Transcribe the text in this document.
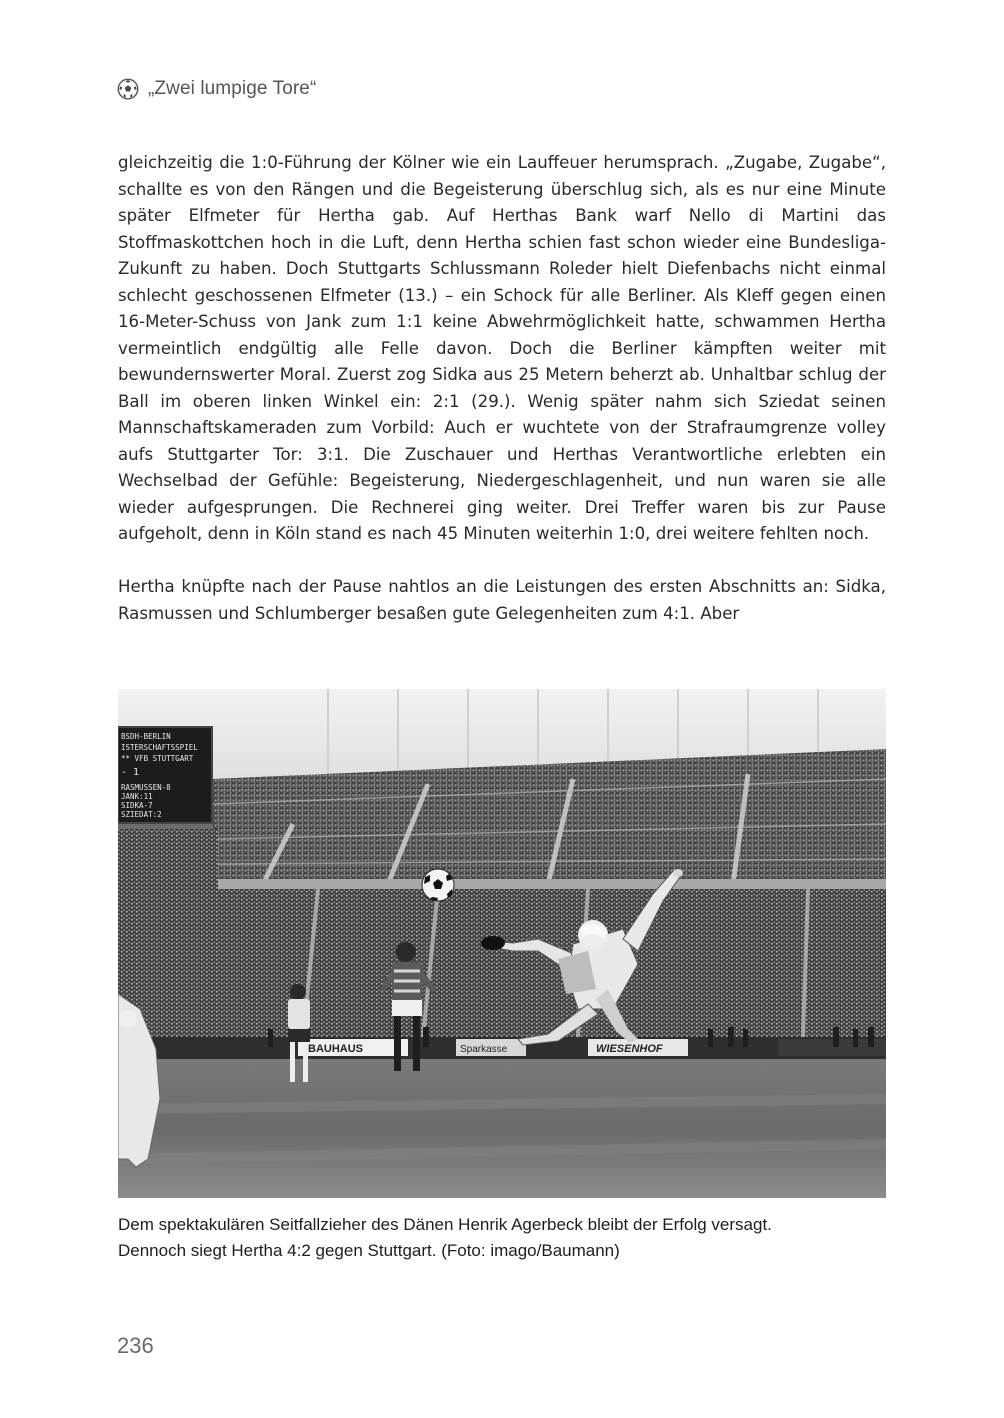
„Zwei lumpige Tore“

gleichzeitig die 1:0-Führung der Kölner wie ein Lauffeuer herumsprach. „Zugabe, Zugabe“, schallte es von den Rängen und die Begeisterung überschlug sich, als es nur eine Minute später Elfmeter für Hertha gab. Auf Herthas Bank warf Nello di Martini das Stoffmaskottchen hoch in die Luft, denn Hertha schien fast schon wieder eine Bundesliga-Zukunft zu haben. Doch Stuttgarts Schlussmann Roleder hielt Diefenbachs nicht einmal schlecht geschossenen Elfmeter (13.) – ein Schock für alle Berliner. Als Kleff gegen einen 16-Meter-Schuss von Jank zum 1:1 keine Abwehrmöglichkeit hatte, schwammen Hertha vermeintlich endgültig alle Felle davon. Doch die Berliner kämpften weiter mit bewundernswerter Moral. Zuerst zog Sidka aus 25 Metern beherzt ab. Unhaltbar schlug der Ball im oberen linken Winkel ein: 2:1 (29.). Wenig später nahm sich Sziedat seinen Mannschaftskameraden zum Vorbild: Auch er wuchtete von der Strafraumgrenze volley aufs Stuttgarter Tor: 3:1. Die Zuschauer und Herthas Verantwortliche erlebten ein Wechselbad der Gefühle: Begeisterung, Niedergeschlagenheit, und nun waren sie alle wieder aufgesprungen. Die Rechnerei ging weiter. Drei Treffer waren bis zur Pause aufgeholt, denn in Köln stand es nach 45 Minuten weiterhin 1:0, drei weitere fehlten noch.

Hertha knüpfte nach der Pause nahtlos an die Leistungen des ersten Abschnitts an: Sidka, Rasmussen und Schlumberger besaßen gute Gelegenheiten zum 4:1. Aber

BSDH-BERLIN
ISTERSCHAFTSSPIEL
** VFB STUTTGART
- 1
RASMUSSEN-8
JANK:11
SIDKA-7
SZIEDAT:2
BAUHAUS	Sparkasse	WIESENHOF
Dem spektakulären Seitfallzieher des Dänen Henrik Agerbeck bleibt der Erfolg versagt.
Dennoch siegt Hertha 4:2 gegen Stuttgart. (Foto: imago/Baumann)
236
